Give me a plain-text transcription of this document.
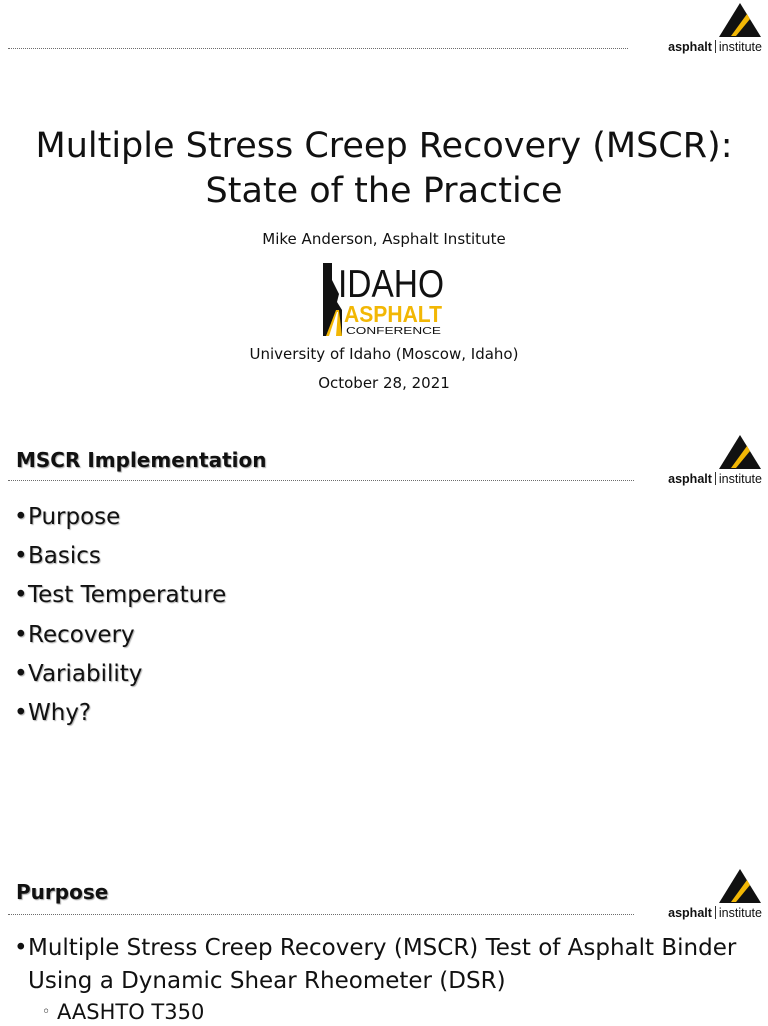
asphalt institute
Multiple Stress Creep Recovery (MSCR):
State of the Practice
Mike Anderson, Asphalt Institute
IDAHO
ASPHALT
CONFERENCE
University of Idaho (Moscow, Idaho)
October 28, 2021
MSCR Implementation
asphalt institute
•Purpose
•Basics
•Test Temperature
•Recovery
•Variability
•Why?
Purpose
asphalt institute
• Multiple Stress Creep Recovery (MSCR) Test of Asphalt Binder Using a Dynamic Shear Rheometer (DSR)
◦ AASHTO T350
